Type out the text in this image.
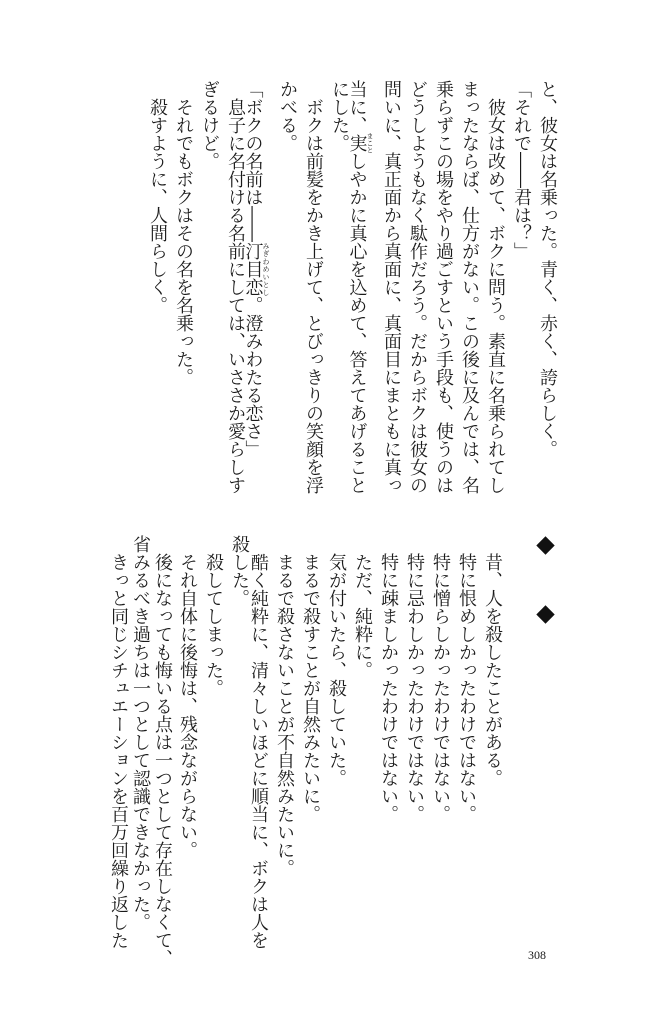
と、彼女は名乗った。青く、赤く、誇らしく。
「それで――君は？」
　彼女は改めて、ボクに問う。素直に名乗られてし
まったならば、仕方がない。この後に及んでは、名
乗らずこの場をやり過ごすという手段も、使うのは
どうしようもなく駄作だろう。だからボクは彼女の
問いに、真正面から真面に、真面目にまともに真っ
当に、実まことしやかに真心を込めて、答えてあげること
にした。
　ボクは前髪をかき上げて、とびっきりの笑顔を浮
かべる。
「ボクの名前は――汀目恋みぎわめいとし。澄みわたる恋さ」
　息子に名付ける名前にしては、いささか愛らしす
ぎるけど。
　それでもボクはその名を名乗った。
　殺すように、人間らしく。
　昔、人を殺したことがある。
　特に恨めしかったわけではない。
　特に憎らしかったわけではない。
　特に忌わしかったわけではない。
　特に疎ましかったわけではない。
　ただ、純粋に。
　気が付いたら、殺していた。
　まるで殺すことが自然みたいに。
　まるで殺さないことが不自然みたいに。
　酷く純粋に、清々しいほどに順当に、ボクは人を
殺した。
　殺してしまった。
　それ自体に後悔は、残念ながらない。
　後になっても悔いる点は一つとして存在しなくて、
省みるべき過ちは一つとして認識できなかった。
　きっと同じシチュエーションを百万回繰り返した
308
